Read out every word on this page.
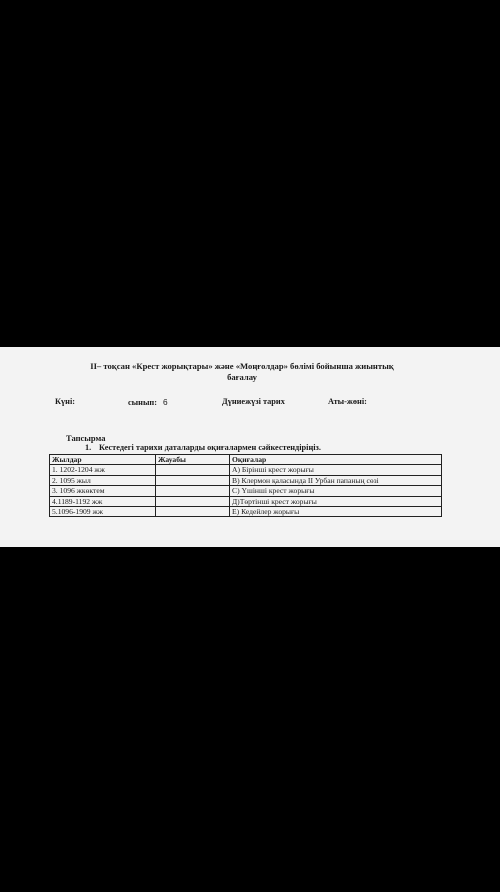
II– тоқсан «Крест жорықтары» және «Моңғолдар» бөлімі бойынша жиынтық
бағалау
Күні:	сынып: 6	Дүниежүзі тарих	Аты-жөні:
Тапсырма
1. Кестедегі тарихи даталарды оқиғалармен сәйкестендіріңіз.
Жылдар	Жауабы	Оқиғалар
1. 1202-1204 жж		А) Бірінші крест жорығы
2. 1095 жыл		В) Клермон қаласында II Урбан папаның сөзі
3. 1096 жкөктем		С) Үшінші крест жорығы
4.1189-1192 жж		Д)Төртінші крест жорығы
5.1096-1909 жж		Е) Кедейлер жорығы
